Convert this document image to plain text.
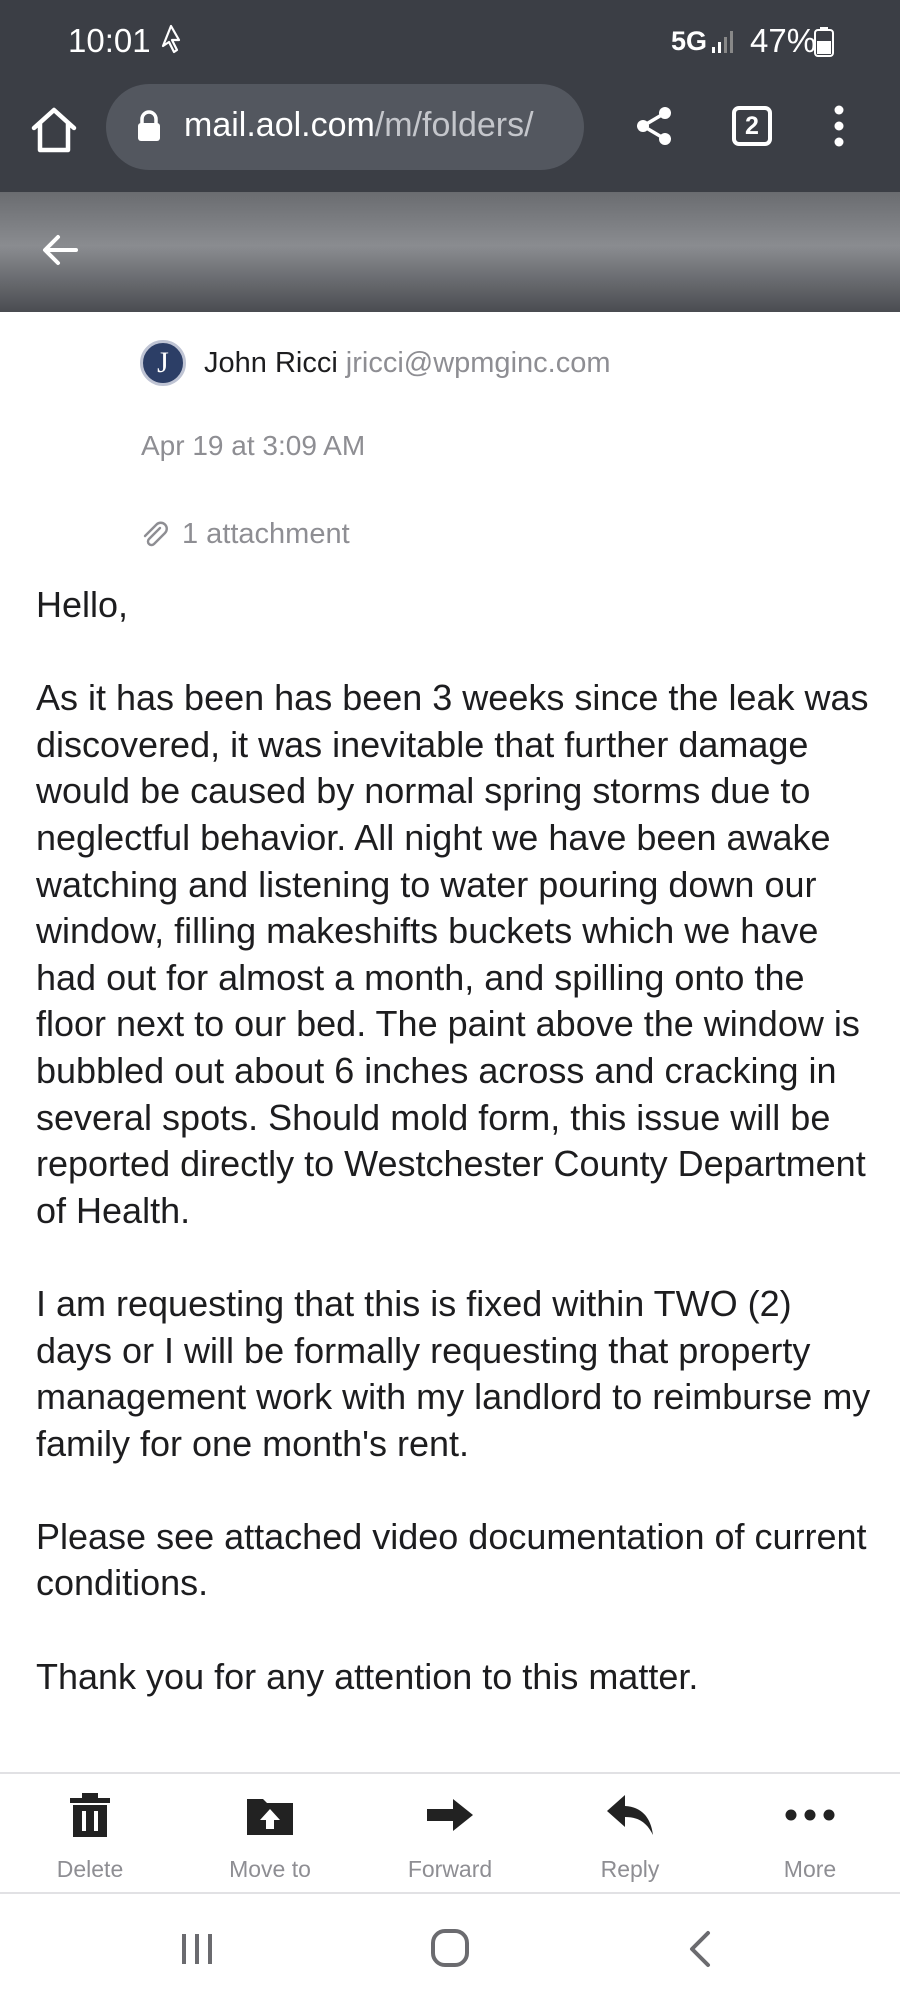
10:01	5G 47%
mail.aol.com/m/folders/	2
J	John Ricci jricci@wpmginc.com
Apr 19 at 3:09 AM
1 attachment

Hello,

As it has been has been 3 weeks since the leak was discovered, it was inevitable that further damage would be caused by normal spring storms due to neglectful behavior. All night we have been awake watching and listening to water pouring down our window, filling makeshifts buckets which we have had out for almost a month, and spilling onto the floor next to our bed. The paint above the window is bubbled out about 6 inches across and cracking in several spots. Should mold form, this issue will be reported directly to Westchester County Department of Health.

I am requesting that this is fixed within TWO (2) days or I will be formally requesting that property management work with my landlord to reimburse my family for one month's rent.

Please see attached video documentation of current conditions.

Thank you for any attention to this matter.

Delete	Move to	Forward	Reply	More
